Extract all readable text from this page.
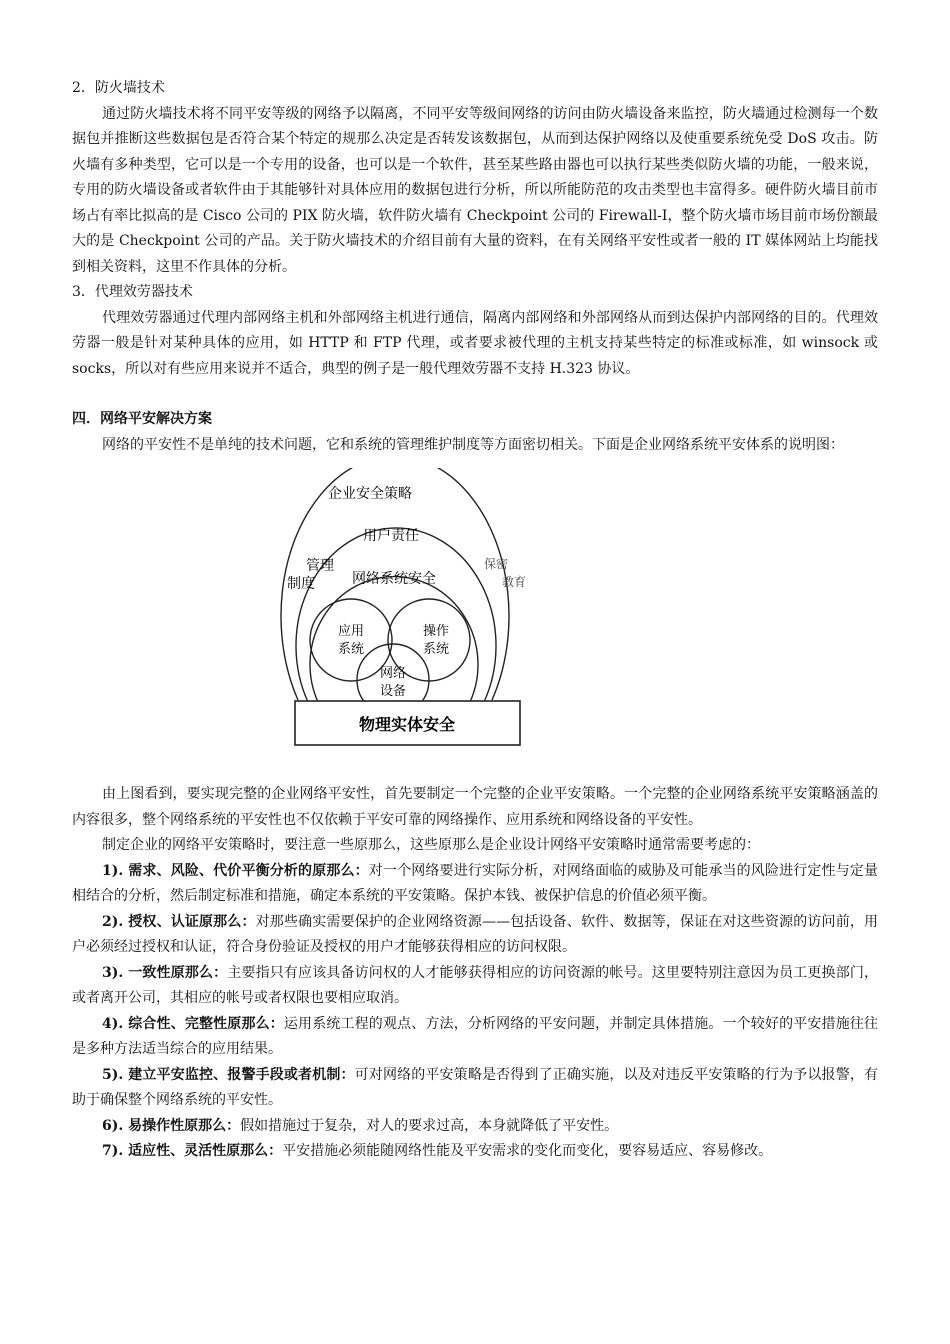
2．防火墙技术

通过防火墙技术将不同平安等级的网络予以隔离，不同平安等级间网络的访问由防火墙设备来监控，防火墙通过检测每一个数据包并推断这些数据包是否符合某个特定的规那么决定是否转发该数据包，从而到达保护网络以及使重要系统免受 DoS 攻击。防火墙有多种类型，它可以是一个专用的设备，也可以是一个软件，甚至某些路由器也可以执行某些类似防火墙的功能，一般来说，专用的防火墙设备或者软件由于其能够针对具体应用的数据包进行分析，所以所能防范的攻击类型也丰富得多。硬件防火墙目前市场占有率比拟高的是 Cisco 公司的 PIX 防火墙，软件防火墙有 Checkpoint 公司的 Firewall-I，整个防火墙市场目前市场份额最大的是 Checkpoint 公司的产品。关于防火墙技术的介绍目前有大量的资料，在有关网络平安性或者一般的 IT 媒体网站上均能找到相关资料，这里不作具体的分析。

3．代理效劳器技术

代理效劳器通过代理内部网络主机和外部网络主机进行通信，隔离内部网络和外部网络从而到达保护内部网络的目的。代理效劳器一般是针对某种具体的应用，如 HTTP 和 FTP 代理，或者要求被代理的主机支持某些特定的标准或标准，如 winsock 或 socks，所以对有些应用来说并不适合，典型的例子是一般代理效劳器不支持 H.323 协议。

四．网络平安解决方案

网络的平安性不是单纯的技术问题，它和系统的管理维护制度等方面密切相关。下面是企业网络系统平安体系的说明图：

企业安全策略
用户责任
管理
制度
保密
教育
网络系统安全
应用
系统
操作
系统
网络
设备
物理实体安全

由上图看到，要实现完整的企业网络平安性，首先要制定一个完整的企业平安策略。一个完整的企业网络系统平安策略涵盖的内容很多，整个网络系统的平安性也不仅依赖于平安可靠的网络操作、应用系统和网络设备的平安性。

制定企业的网络平安策略时，要注意一些原那么，这些原那么是企业设计网络平安策略时通常需要考虑的：

1). 需求、风险、代价平衡分析的原那么：对一个网络要进行实际分析，对网络面临的威胁及可能承当的风险进行定性与定量相结合的分析，然后制定标准和措施，确定本系统的平安策略。保护本钱、被保护信息的价值必须平衡。

2). 授权、认证原那么：对那些确实需要保护的企业网络资源——包括设备、软件、数据等，保证在对这些资源的访问前，用户必须经过授权和认证，符合身份验证及授权的用户才能够获得相应的访问权限。

3). 一致性原那么：主要指只有应该具备访问权的人才能够获得相应的访问资源的帐号。这里要特别注意因为员工更换部门，或者离开公司，其相应的帐号或者权限也要相应取消。

4). 综合性、完整性原那么：运用系统工程的观点、方法，分析网络的平安问题，并制定具体措施。一个较好的平安措施往往是多种方法适当综合的应用结果。

5). 建立平安监控、报警手段或者机制：可对网络的平安策略是否得到了正确实施，以及对违反平安策略的行为予以报警，有助于确保整个网络系统的平安性。

6). 易操作性原那么：假如措施过于复杂，对人的要求过高，本身就降低了平安性。

7). 适应性、灵活性原那么：平安措施必须能随网络性能及平安需求的变化而变化，要容易适应、容易修改。
